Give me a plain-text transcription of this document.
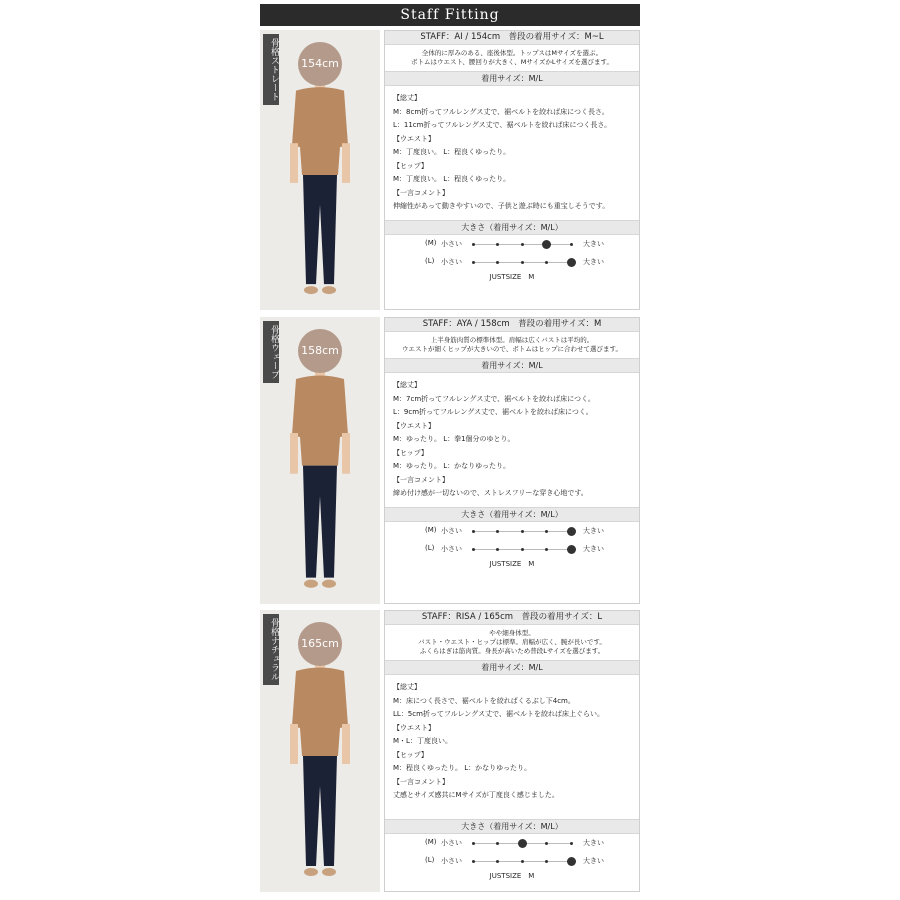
Staff Fitting
骨格ストレート 154cm
STAFF：AI / 154cm　普段の着用サイズ：M~L
全体的に厚みのある、座後体型。トップスはMサイズを選ぶ。
ボトムはウエスト、腰回りが大きく、MサイズかLサイズを選びます。
着用サイズ：M/L
【総丈】
M：8cm折ってフルレングス丈で、裾ベルトを絞れば床につく長さ。
L：11cm折ってフルレングス丈で、裾ベルトを絞れば床につく長さ。
【ウエスト】
M：丁度良い。 L：程良くゆったり。
【ヒップ】
M：丁度良い。 L：程良くゆったり。
【一言コメント】
伸縮性があって動きやすいので、子供と遊ぶ時にも重宝しそうです。
大きさ（着用サイズ：M/L）
(M) 小さい	大きい
(L) 小さい	大きい
JUSTSIZE　M
骨格ウェーブ 158cm
STAFF：AYA / 158cm　普段の着用サイズ：M
上半身筋肉質の標準体型。肩幅は広くバストは平均的。
ウエストが細くヒップが大きいので、ボトムはヒップに合わせて選びます。
着用サイズ：M/L
【総丈】
M：7cm折ってフルレングス丈で、裾ベルトを絞れば床につく。
L：9cm折ってフルレングス丈で、裾ベルトを絞れば床につく。
【ウエスト】
M：ゆったり。 L：拳1個分のゆとり。
【ヒップ】
M：ゆったり。 L：かなりゆったり。
【一言コメント】
締め付け感が一切ないので、ストレスフリーな穿き心地です。
大きさ（着用サイズ：M/L）
(M) 小さい	大きい
(L) 小さい	大きい
JUSTSIZE　M
骨格ナチュラル 165cm
STAFF：RISA / 165cm　普段の着用サイズ：L
やや細身体型。
バスト・ウエスト・ヒップは標準。肩幅が広く、腕が長いです。
ふくらはぎは筋肉質。身長が高いため普段Lサイズを選びます。
着用サイズ：M/L
【総丈】
M：床につく長さで、裾ベルトを絞ればくるぶし下4cm。
LL：5cm折ってフルレングス丈で、裾ベルトを絞れば床上ぐらい。
【ウエスト】
M・L：丁度良い。
【ヒップ】
M：程良くゆったり。 L：かなりゆったり。
【一言コメント】
丈感とサイズ感共にMサイズが丁度良く感じました。
大きさ（着用サイズ：M/L）
(M) 小さい	大きい
(L) 小さい	大きい
JUSTSIZE　M
